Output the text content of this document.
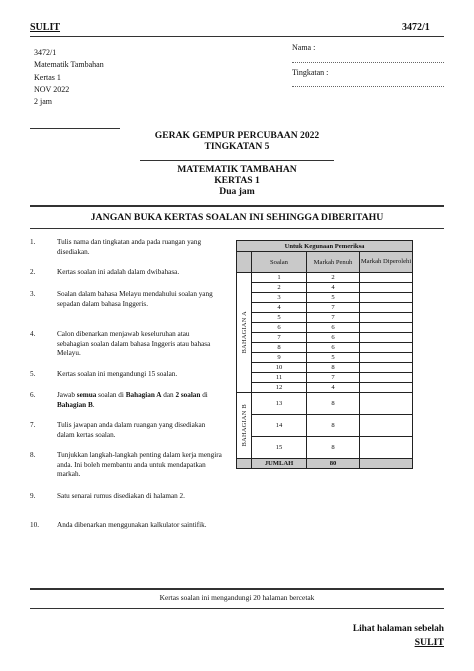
SULIT	3472/1
3472/1
Matematik Tambahan
Kertas 1
NOV 2022
2 jam
Nama :
Tingkatan :
GERAK GEMPUR PERCUBAAN 2022
TINGKATAN 5
MATEMATIK TAMBAHAN
KERTAS 1
Dua jam
JANGAN BUKA KERTAS SOALAN INI SEHINGGA DIBERITAHU
1.	Tulis nama dan tingkatan anda pada ruangan yang disediakan.
2.	Kertas soalan ini adalah dalam dwibahasa.
3.	Soalan dalam bahasa Melayu mendahului soalan yang sepadan dalam bahasa Inggeris.
4.	Calon dibenarkan menjawab keseluruhan atau sebahagian soalan dalam bahasa Inggeris atau bahasa Melayu.
5.	Kertas soalan ini mengandungi 15 soalan.
6.	Jawab semua soalan di Bahagian A dan 2 soalan di Bahagian B.
7.	Tulis jawapan anda dalam ruangan yang disediakan dalam kertas soalan.
8.	Tunjukkan langkah-langkah penting dalam kerja mengira anda. Ini boleh membantu anda untuk mendapatkan markah.
9.	Satu senarai rumus disediakan di halaman 2.
10.	Anda dibenarkan menggunakan kalkulator saintifik.
Untuk Kegunaan Pemeriksa			
	Soalan	Markah Penuh	Markah Diperolehi

BAHAGIAN A	1	2	
	2	4	
	3	5	
	4	7	
	5	7	
	6	6	
	7	6	
	8	6	
	9	5	
	10	8	
	11	7	
	12	4	

BAHAGIAN B	13	8	
	14	8	
	15	8	
	JUMLAH	80	
Kertas soalan ini mengandungi 20 halaman bercetak
Lihat halaman sebelah
SULIT
